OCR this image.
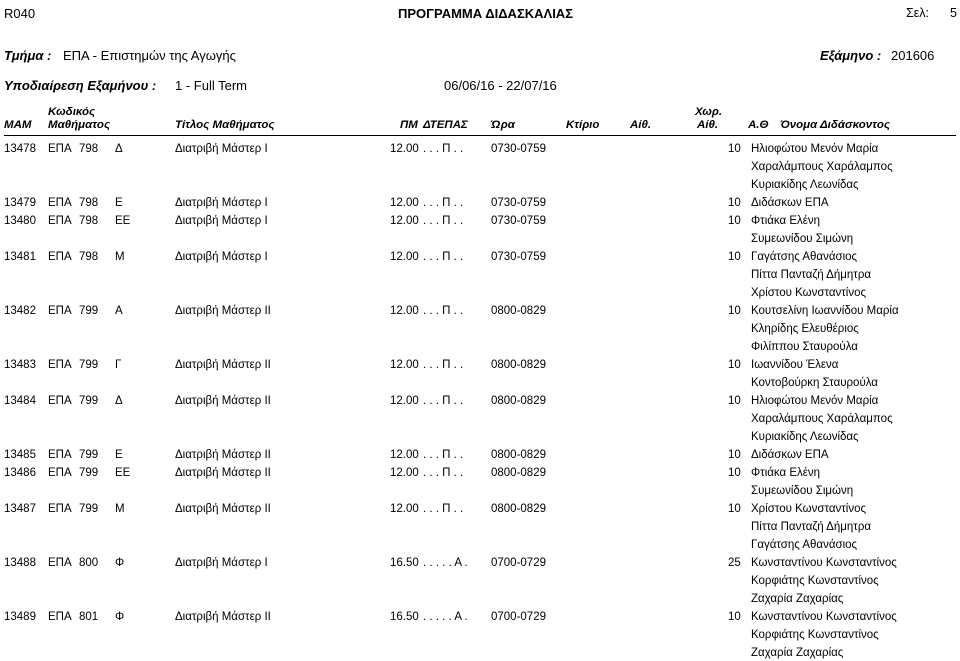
R040	ΠΡΟΓΡΑΜΜΑ ΔΙΔΑΣΚΑΛΙΑΣ	Σελ: 5
Τμήμα : ΕΠΑ - Επιστημών της Αγωγής	Εξάμηνο : 201606
Υποδιαίρεση Εξαμήνου : 1 - Full Term	06/06/16 - 22/07/16
ΜΑΜ
Κωδικός
Μαθήματος	Τίτλος Μαθήματος	ΠΜ ΔΤΕΠΑΣ Ώρα	Κτίριο	Αίθ.
Χωρ.
Αίθ.	Α.Θ Όνομα Διδάσκοντος
13478 ΕΠΑ 798 Δ	Διατριβή Μάστερ Ι	12.00 . . . Π . . 0730-0759	10 Ηλιοφώτου Μενόν Μαρία
Χαραλάμπους Χαράλαμπος
Κυριακίδης Λεωνίδας
13479 ΕΠΑ 798 Ε	Διατριβή Μάστερ Ι	12.00 . . . Π . . 0730-0759	10 Διδάσκων ΕΠΑ
13480 ΕΠΑ 798 ΕΕ	Διατριβή Μάστερ Ι	12.00 . . . Π . . 0730-0759	10 Φτιάκα Ελένη
Συμεωνίδου Σιμώνη
13481 ΕΠΑ 798 Μ	Διατριβή Μάστερ Ι	12.00 . . . Π . . 0730-0759	10 Γαγάτσης Αθανάσιος
Πίττα Πανταζή Δήμητρα
Χρίστου Κωνσταντίνος
13482 ΕΠΑ 799 Α	Διατριβή Μάστερ ΙΙ	12.00 . . . Π . . 0800-0829	10 Κουτσελίνη Ιωαννίδου Μαρία
Κληρίδης Ελευθέριος
Φιλίππου Σταυρούλα
13483 ΕΠΑ 799 Γ	Διατριβή Μάστερ ΙΙ	12.00 . . . Π . . 0800-0829	10 Ιωαννίδου Έλενα
Κοντοβούρκη Σταυρούλα
13484 ΕΠΑ 799 Δ	Διατριβή Μάστερ ΙΙ	12.00 . . . Π . . 0800-0829	10 Ηλιοφώτου Μενόν Μαρία
Χαραλάμπους Χαράλαμπος
Κυριακίδης Λεωνίδας
13485 ΕΠΑ 799 Ε	Διατριβή Μάστερ ΙΙ	12.00 . . . Π . . 0800-0829	10 Διδάσκων ΕΠΑ
13486 ΕΠΑ 799 ΕΕ	Διατριβή Μάστερ ΙΙ	12.00 . . . Π . . 0800-0829	10 Φτιάκα Ελένη
Συμεωνίδου Σιμώνη
13487 ΕΠΑ 799 Μ	Διατριβή Μάστερ ΙΙ	12.00 . . . Π . . 0800-0829	10 Χρίστου Κωνσταντίνος
Πίττα Πανταζή Δήμητρα
Γαγάτσης Αθανάσιος
13488 ΕΠΑ 800 Φ	Διατριβή Μάστερ Ι	16.50 . . . . . Α . 0700-0729	25 Κωνσταντίνου Κωνσταντίνος
Κορφιάτης Κωνσταντίνος
Ζαχαρία Ζαχαρίας
13489 ΕΠΑ 801 Φ	Διατριβή Μάστερ ΙΙ	16.50 . . . . . Α . 0700-0729	10 Κωνσταντίνου Κωνσταντίνος
Κορφιάτης Κωνσταντίνος
Ζαχαρία Ζαχαρίας
